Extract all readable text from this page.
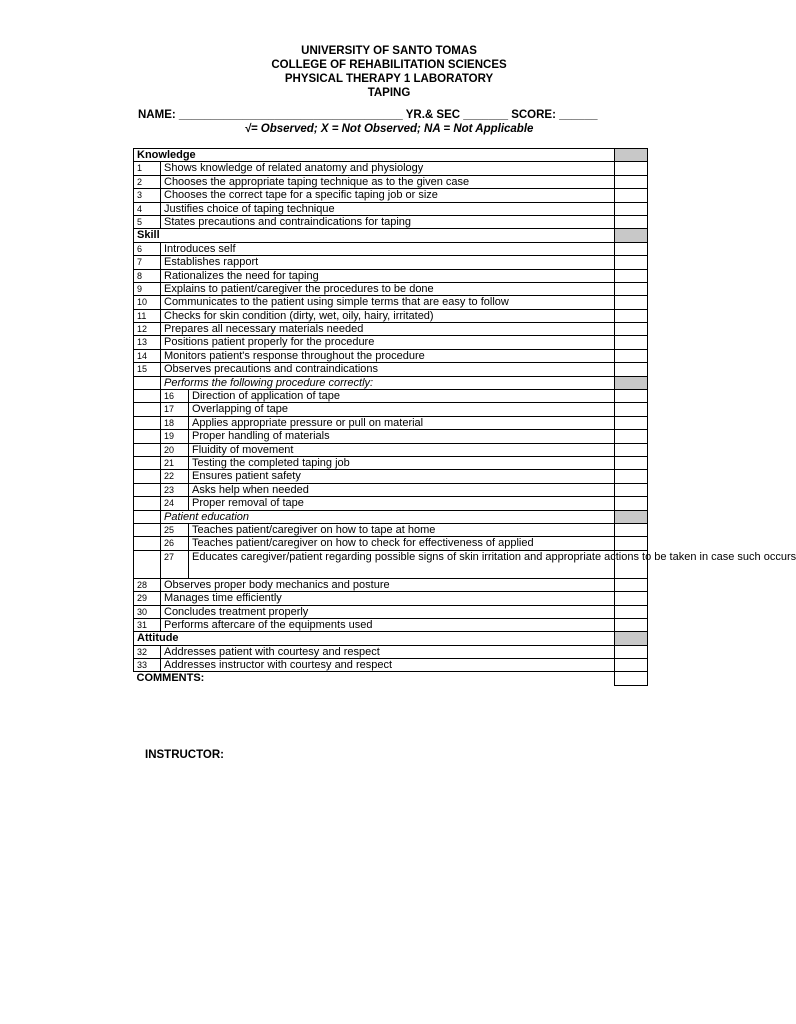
UNIVERSITY OF SANTO TOMAS
COLLEGE OF REHABILITATION SCIENCES
PHYSICAL THERAPY 1 LABORATORY
TAPING
NAME: ___________________________________ YR.& SEC _______ SCORE: ______
√= Observed; X = Not Observed; NA = Not Applicable
Knowledge			
1	Shows knowledge of related anatomy and physiology		
2	Chooses the appropriate taping technique as to the given case		
3	Chooses the correct tape for a specific taping job or size		
4	Justifies choice of taping technique		
5	States precautions and contraindications for taping		
Skill			
6	Introduces self		
7	Establishes rapport		
8	Rationalizes the need for taping		
9	Explains to patient/caregiver the procedures to be done		
10	Communicates to the patient using simple terms that are easy to follow		
11	Checks for skin condition (dirty, wet, oily, hairy, irritated)		
12	Prepares all necessary materials needed		
13	Positions patient properly for the procedure		
14	Monitors patient's response throughout the procedure		
15	Observes precautions and contraindications		
	Performs the following procedure correctly:		
	16	Direction of application of tape	
	17	Overlapping of tape	
	18	Applies appropriate pressure or pull on material	
	19	Proper handling of materials	
	20	Fluidity of movement	
	21	Testing the completed taping job	
	22	Ensures patient safety	
	23	Asks help when needed	
	24	Proper removal of tape	
	Patient education		
	25	Teaches patient/caregiver on how to tape at home	
	26	Teaches patient/caregiver on how to check for effectiveness of applied	
	27	Educates caregiver/patient regarding possible signs of skin irritation and appropriate actions to be taken in case such occurs	
28	Observes proper body mechanics and posture		
29	Manages time efficiently		
30	Concludes treatment properly		
31	Performs aftercare of the equipments used		
Attitude			
32	Addresses patient with courtesy and respect		
33	Addresses instructor with courtesy and respect		
COMMENTS:			
INSTRUCTOR:
